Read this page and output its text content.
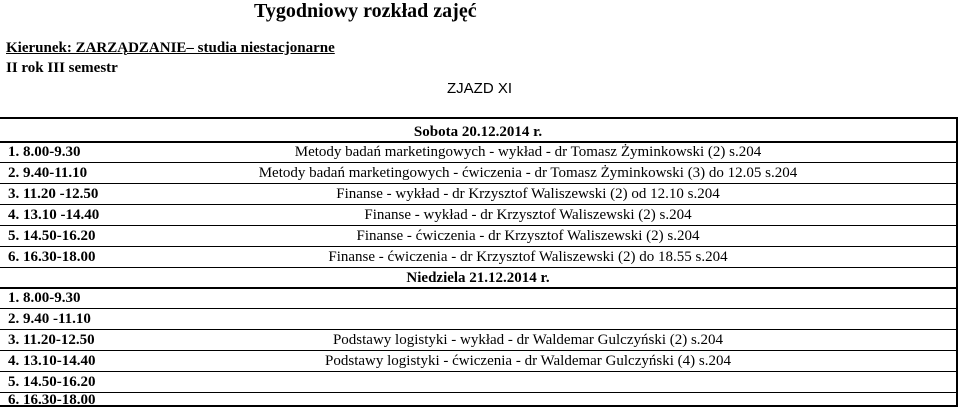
Tygodniowy rozkład zajęć
Kierunek: ZARZĄDZANIE– studia niestacjonarne
II rok III semestr
ZJAZD XI
Sobota 20.12.2014 r.
1. 8.00-9.30	Metody badań marketingowych - wykład - dr Tomasz Żyminkowski (2) s.204
2. 9.40-11.10	Metody badań marketingowych - ćwiczenia - dr Tomasz Żyminkowski (3) do 12.05 s.204
3. 11.20 -12.50	Finanse - wykład - dr Krzysztof Waliszewski (2) od 12.10 s.204
4. 13.10 -14.40	Finanse - wykład - dr Krzysztof Waliszewski (2) s.204
5. 14.50-16.20	Finanse - ćwiczenia - dr Krzysztof Waliszewski (2) s.204
6. 16.30-18.00	Finanse - ćwiczenia - dr Krzysztof Waliszewski (2) do 18.55 s.204
Niedziela 21.12.2014 r.
1. 8.00-9.30
2. 9.40 -11.10
3. 11.20-12.50	Podstawy logistyki - wykład - dr Waldemar Gulczyński (2) s.204
4. 13.10-14.40	Podstawy logistyki - ćwiczenia - dr Waldemar Gulczyński (4) s.204
5. 14.50-16.20
6. 16.30-18.00
